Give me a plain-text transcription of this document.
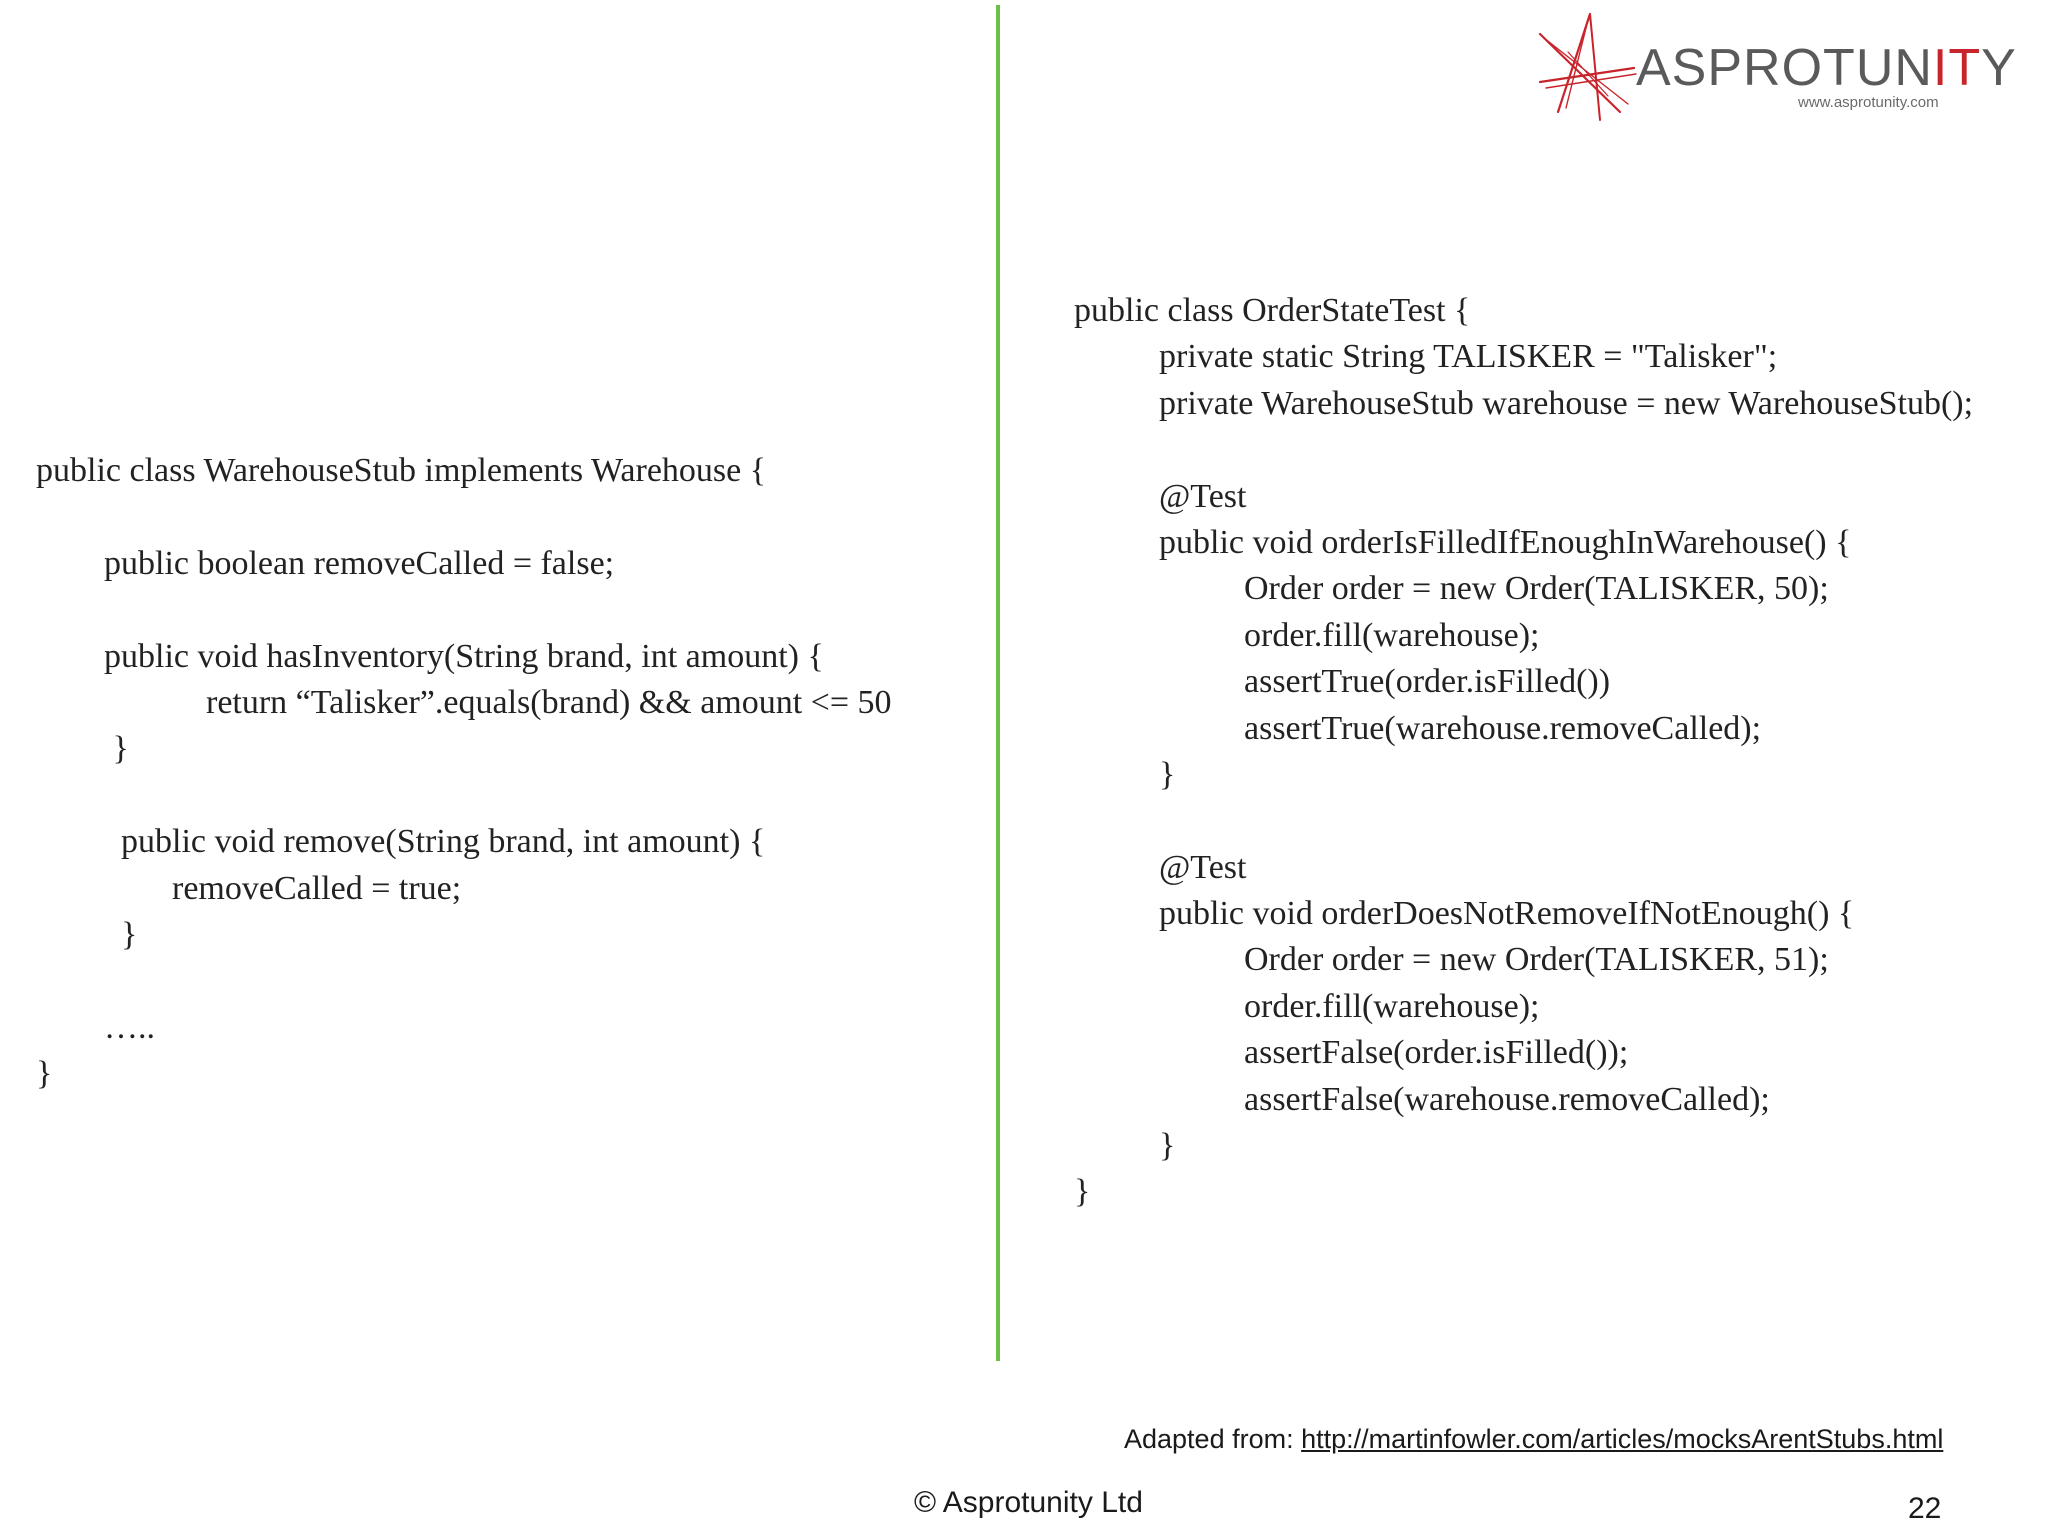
ASPROTUNITY
www.asprotunity.com
public class WarehouseStub implements Warehouse {
public boolean removeCalled = false;
public void hasInventory(String brand, int amount) {
return “Talisker”.equals(brand) && amount <= 50
}
public void remove(String brand, int amount) {
removeCalled = true;
}
…..
}
public class OrderStateTest {
private static String TALISKER = "Talisker";
private WarehouseStub warehouse = new WarehouseStub();
@Test
public void orderIsFilledIfEnoughInWarehouse() {
Order order = new Order(TALISKER, 50);
order.fill(warehouse);
assertTrue(order.isFilled())
assertTrue(warehouse.removeCalled);
}
@Test
public void orderDoesNotRemoveIfNotEnough() {
Order order = new Order(TALISKER, 51);
order.fill(warehouse);
assertFalse(order.isFilled());
assertFalse(warehouse.removeCalled);
}
}
Adapted from: http://martinfowler.com/articles/mocksArentStubs.html
© Asprotunity Ltd	22
